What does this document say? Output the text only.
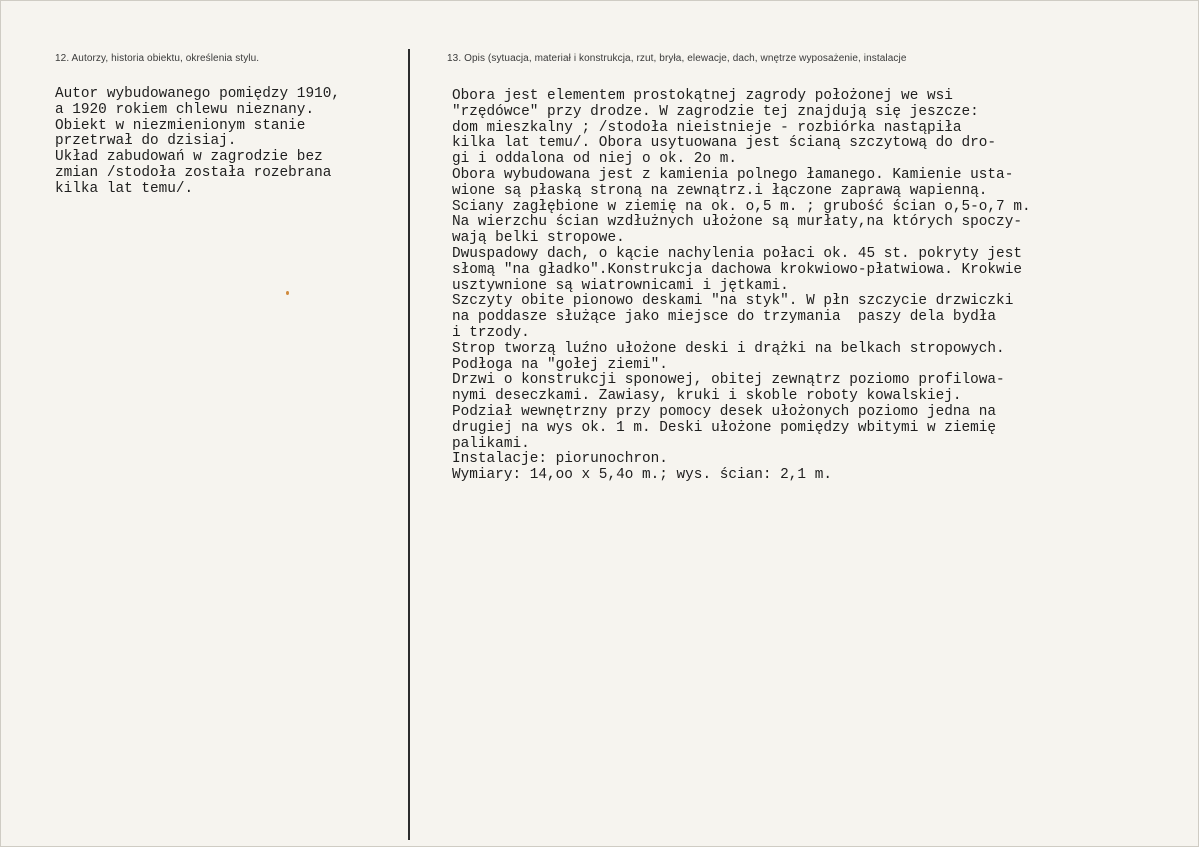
12. Autorzy, historia obiektu, określenia stylu.	13. Opis (sytuacja, materiał i konstrukcja, rzut, bryła, elewacje, dach, wnętrze wyposażenie, instalacje
Autor wybudowanego pomiędzy 1910,
a 1920 rokiem chlewu nieznany.
Obiekt w niezmienionym stanie
przetrwał do dzisiaj.
Układ zabudowań w zagrodzie bez
zmian /stodoła została rozebrana
kilka lat temu/.
Obora jest elementem prostokątnej zagrody położonej we wsi
"rzędówce" przy drodze. W zagrodzie tej znajdują się jeszcze:
dom mieszkalny ; /stodoła nieistnieje - rozbiórka nastąpiła
kilka lat temu/. Obora usytuowana jest ścianą szczytową do dro-
gi i oddalona od niej o ok. 2o m.
Obora wybudowana jest z kamienia polnego łamanego. Kamienie usta-
wione są płaską stroną na zewnątrz.i łączone zaprawą wapienną.
Sciany zagłębione w ziemię na ok. o,5 m. ; grubość ścian o,5-o,7 m.
Na wierzchu ścian wzdłużnych ułożone są murłaty,na których spoczy-
wają belki stropowe.
Dwuspadowy dach, o kącie nachylenia połaci ok. 45 st. pokryty jest
słomą "na gładko".Konstrukcja dachowa krokwiowo-płatwiowa. Krokwie
usztywnione są wiatrownicami i jętkami.
Szczyty obite pionowo deskami "na styk". W płn szczycie drzwiczki
na poddasze służące jako miejsce do trzymania  paszy dela bydła
i trzody.
Strop tworzą luźno ułożone deski i drążki na belkach stropowych.
Podłoga na "gołej ziemi".
Drzwi o konstrukcji sponowej, obitej zewnątrz poziomo profilowa-
nymi deseczkami. Zawiasy, kruki i skoble roboty kowalskiej.
Podział wewnętrzny przy pomocy desek ułożonych poziomo jedna na
drugiej na wys ok. 1 m. Deski ułożone pomiędzy wbitymi w ziemię
palikami.
Instalacje: piorunochron.
Wymiary: 14,oo x 5,4o m.; wys. ścian: 2,1 m.
